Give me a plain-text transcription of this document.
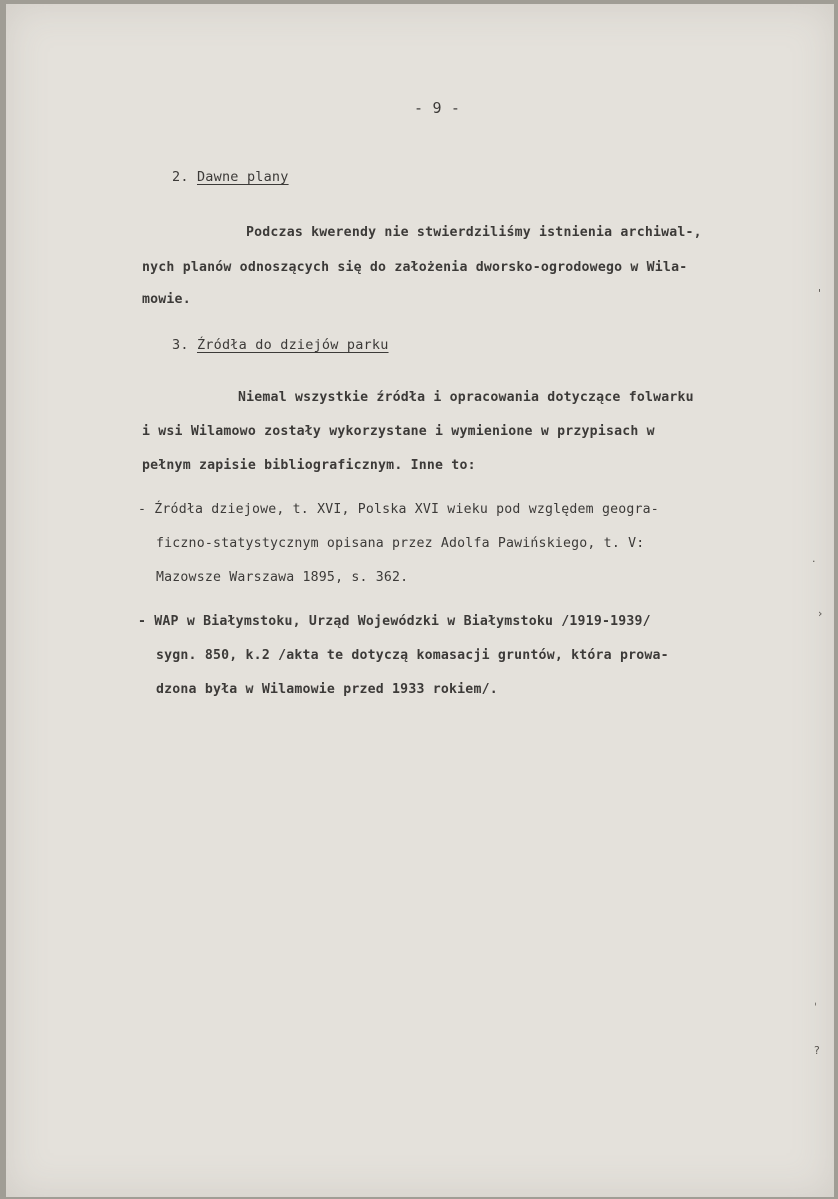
- 9 -
2. Dawne plany
Podczas kwerendy nie stwierdziliśmy istnienia archiwal-,
nych planów odnoszących się do założenia dworsko-ogrodowego w Wila-
mowie.
3. Źródła do dziejów parku
Niemal wszystkie źródła i opracowania dotyczące folwarku
i wsi Wilamowo zostały wykorzystane i wymienione w przypisach w
pełnym zapisie bibliograficznym. Inne to:
- Źródła dziejowe, t. XVI, Polska XVI wieku pod względem geogra-
ficzno-statystycznym opisana przez Adolfa Pawińskiego, t. V:
Mazowsze Warszawa 1895, s. 362.
- WAP w Białymstoku, Urząd Wojewódzki w Białymstoku /1919-1939/
sygn. 850, k.2 /akta te dotyczą komasacji gruntów, która prowa-
dzona była w Wilamowie przed 1933 rokiem/.
'
.
›
ˌ
?
